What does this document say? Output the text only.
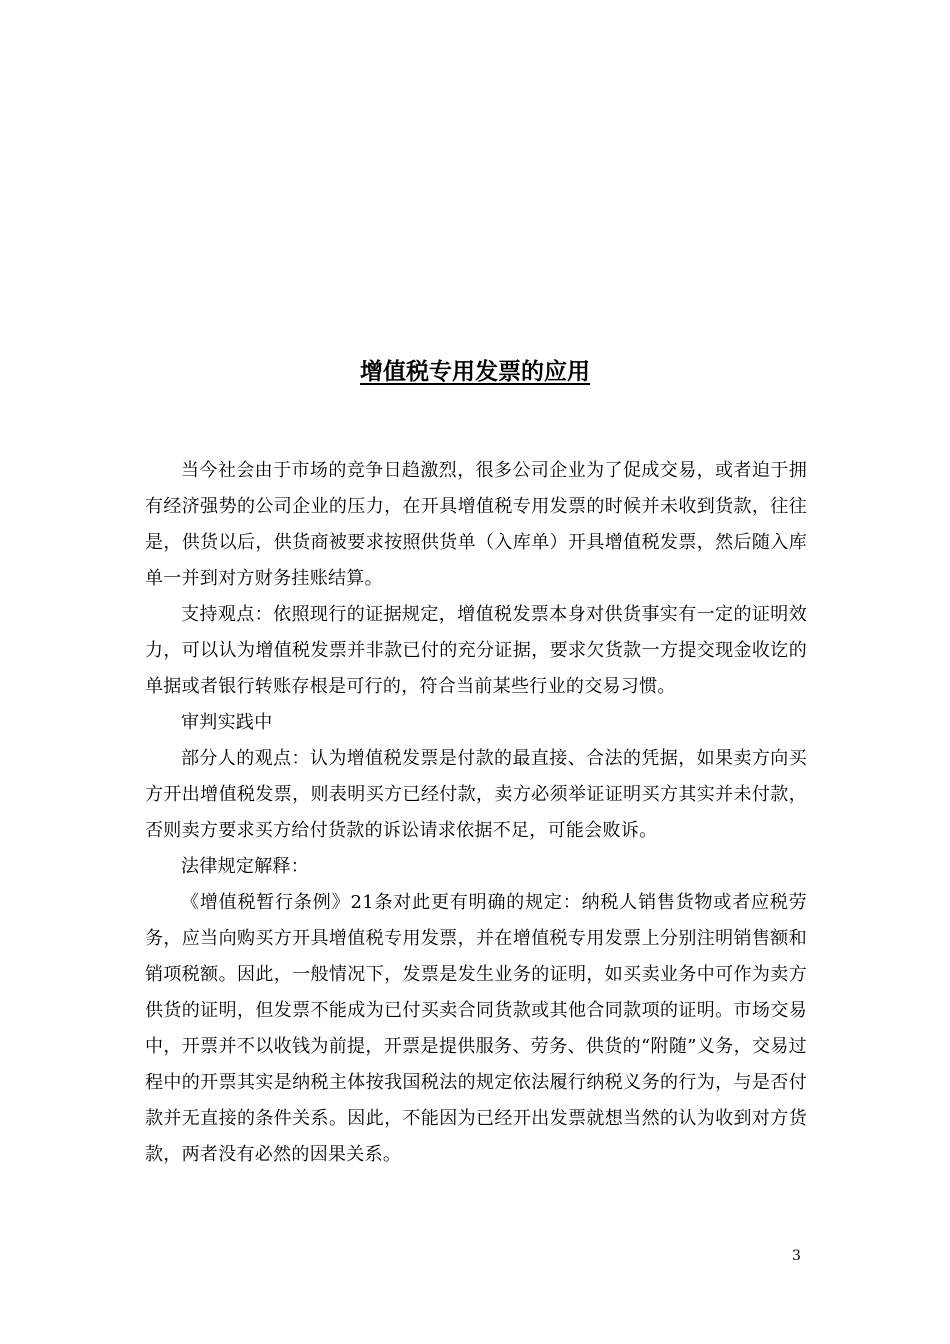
增值税专用发票的应用

当今社会由于市场的竞争日趋激烈，很多公司企业为了促成交易，或者迫于拥有经济强势的公司企业的压力，在开具增值税专用发票的时候并未收到货款，往往是，供货以后，供货商被要求按照供货单（入库单）开具增值税发票，然后随入库单一并到对方财务挂账结算。

支持观点：依照现行的证据规定，增值税发票本身对供货事实有一定的证明效力，可以认为增值税发票并非款已付的充分证据，要求欠货款一方提交现金收讫的单据或者银行转账存根是可行的，符合当前某些行业的交易习惯。

审判实践中

部分人的观点：认为增值税发票是付款的最直接、合法的凭据，如果卖方向买方开出增值税发票，则表明买方已经付款，卖方必须举证证明买方其实并未付款，否则卖方要求买方给付货款的诉讼请求依据不足，可能会败诉。

法律规定解释：

《增值税暂行条例》21条对此更有明确的规定：纳税人销售货物或者应税劳务，应当向购买方开具增值税专用发票，并在增值税专用发票上分别注明销售额和销项税额。因此，一般情况下，发票是发生业务的证明，如买卖业务中可作为卖方供货的证明，但发票不能成为已付买卖合同货款或其他合同款项的证明。市场交易中，开票并不以收钱为前提，开票是提供服务、劳务、供货的“附随”义务，交易过程中的开票其实是纳税主体按我国税法的规定依法履行纳税义务的行为，与是否付款并无直接的条件关系。因此，不能因为已经开出发票就想当然的认为收到对方货款，两者没有必然的因果关系。

3
